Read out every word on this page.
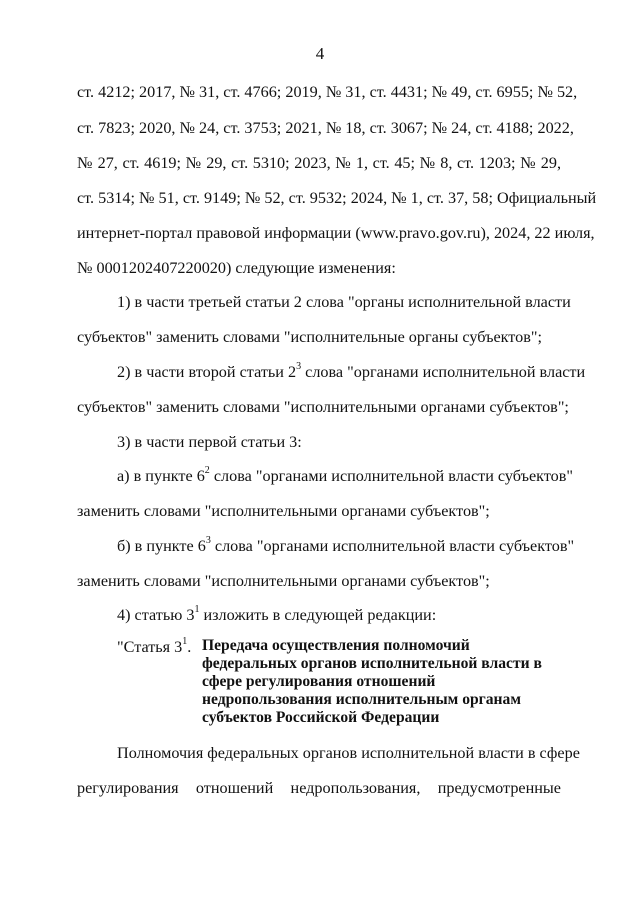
4
ст. 4212; 2017, № 31, ст. 4766; 2019, № 31, ст. 4431; № 49, ст. 6955; № 52,
ст. 7823; 2020, № 24, ст. 3753; 2021, № 18, ст. 3067; № 24, ст. 4188; 2022,
№ 27, ст. 4619; № 29, ст. 5310; 2023, № 1, ст. 45; № 8, ст. 1203; № 29,
ст. 5314; № 51, ст. 9149; № 52, ст. 9532; 2024, № 1, ст. 37, 58; Официальный
интернет-портал правовой информации (www.pravo.gov.ru), 2024, 22 июля,
№ 0001202407220020) следующие изменения:
1) в части третьей статьи 2 слова "органы исполнительной власти
субъектов" заменить словами "исполнительные органы субъектов";
2) в части второй статьи $2^3$ слова "органами исполнительной власти
субъектов" заменить словами "исполнительными органами субъектов";
3) в части первой статьи 3:
а) в пункте $6^2$ слова "органами исполнительной власти субъектов"
заменить словами "исполнительными органами субъектов";
б) в пункте $6^3$ слова "органами исполнительной власти субъектов"
заменить словами "исполнительными органами субъектов";
4) статью $3^1$ изложить в следующей редакции:
"Статья $3^1$. Передача осуществления полномочий федеральных органов исполнительной власти в сфере регулирования отношений недропользования исполнительным органам субъектов Российской Федерации
Полномочия федеральных органов исполнительной власти в сфере
регулирования отношений недропользования, предусмотренные
